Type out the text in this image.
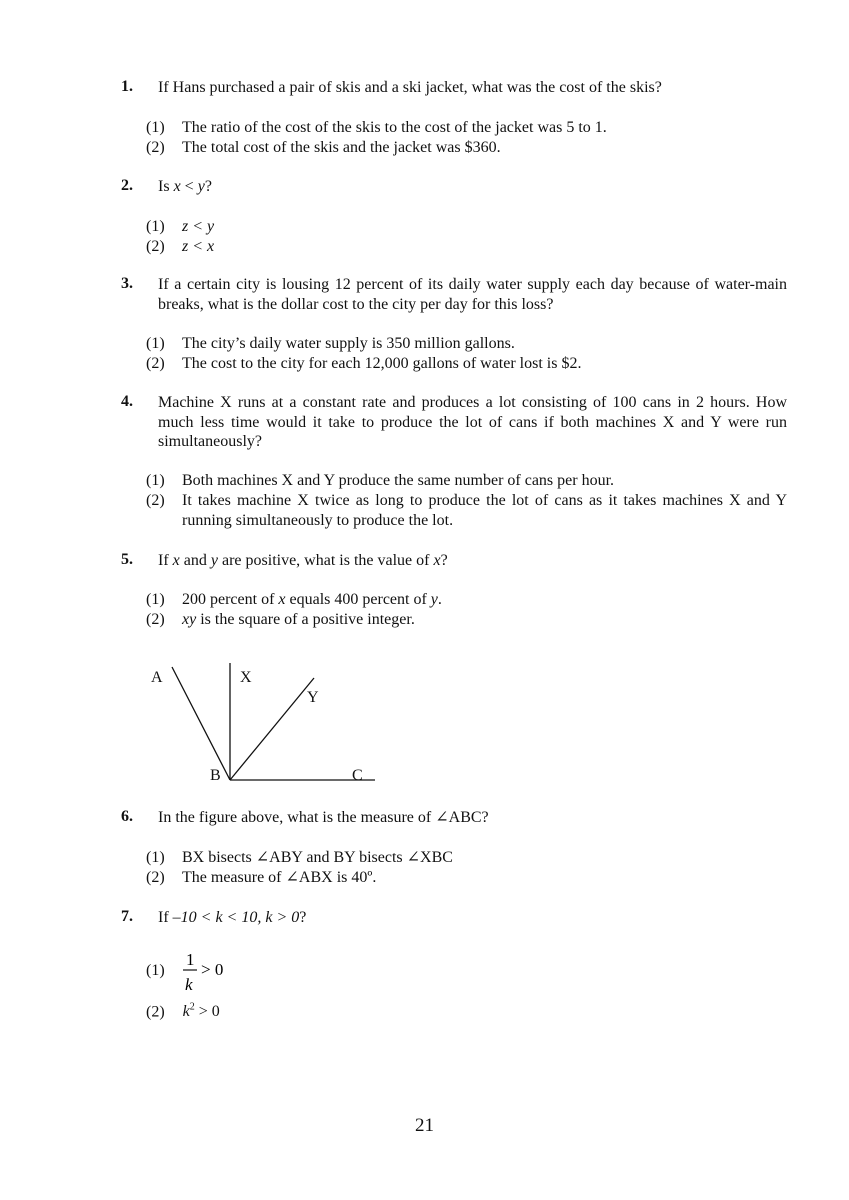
1. If Hans purchased a pair of skis and a ski jacket, what was the cost of the skis?
(1) The ratio of the cost of the skis to the cost of the jacket was 5 to 1.
(2) The total cost of the skis and the jacket was $360.
2. Is x < y?
(1) z < y
(2) z < x
3. If a certain city is lousing 12 percent of its daily water supply each day because of water-main breaks, what is the dollar cost to the city per day for this loss?
(1) The city’s daily water supply is 350 million gallons.
(2) The cost to the city for each 12,000 gallons of water lost is $2.
4. Machine X runs at a constant rate and produces a lot consisting of 100 cans in 2 hours. How much less time would it take to produce the lot of cans if both machines X and Y were run simultaneously?
(1) Both machines X and Y produce the same number of cans per hour.
(2) It takes machine X twice as long to produce the lot of cans as it takes machines X and Y running simultaneously to produce the lot.
5. If x and y are positive, what is the value of x?
(1) 200 percent of x equals 400 percent of y.
(2) xy is the square of a positive integer.
A	X
Y
B	C
6. In the figure above, what is the measure of ∠ABC?
(1) BX bisects ∠ABY and BY bisects ∠XBC
(2) The measure of ∠ABX is 40º.
7. If –10 < k < 10, k > 0?
(1)
1
k
> 0
(2) $k^2 > 0$
21
